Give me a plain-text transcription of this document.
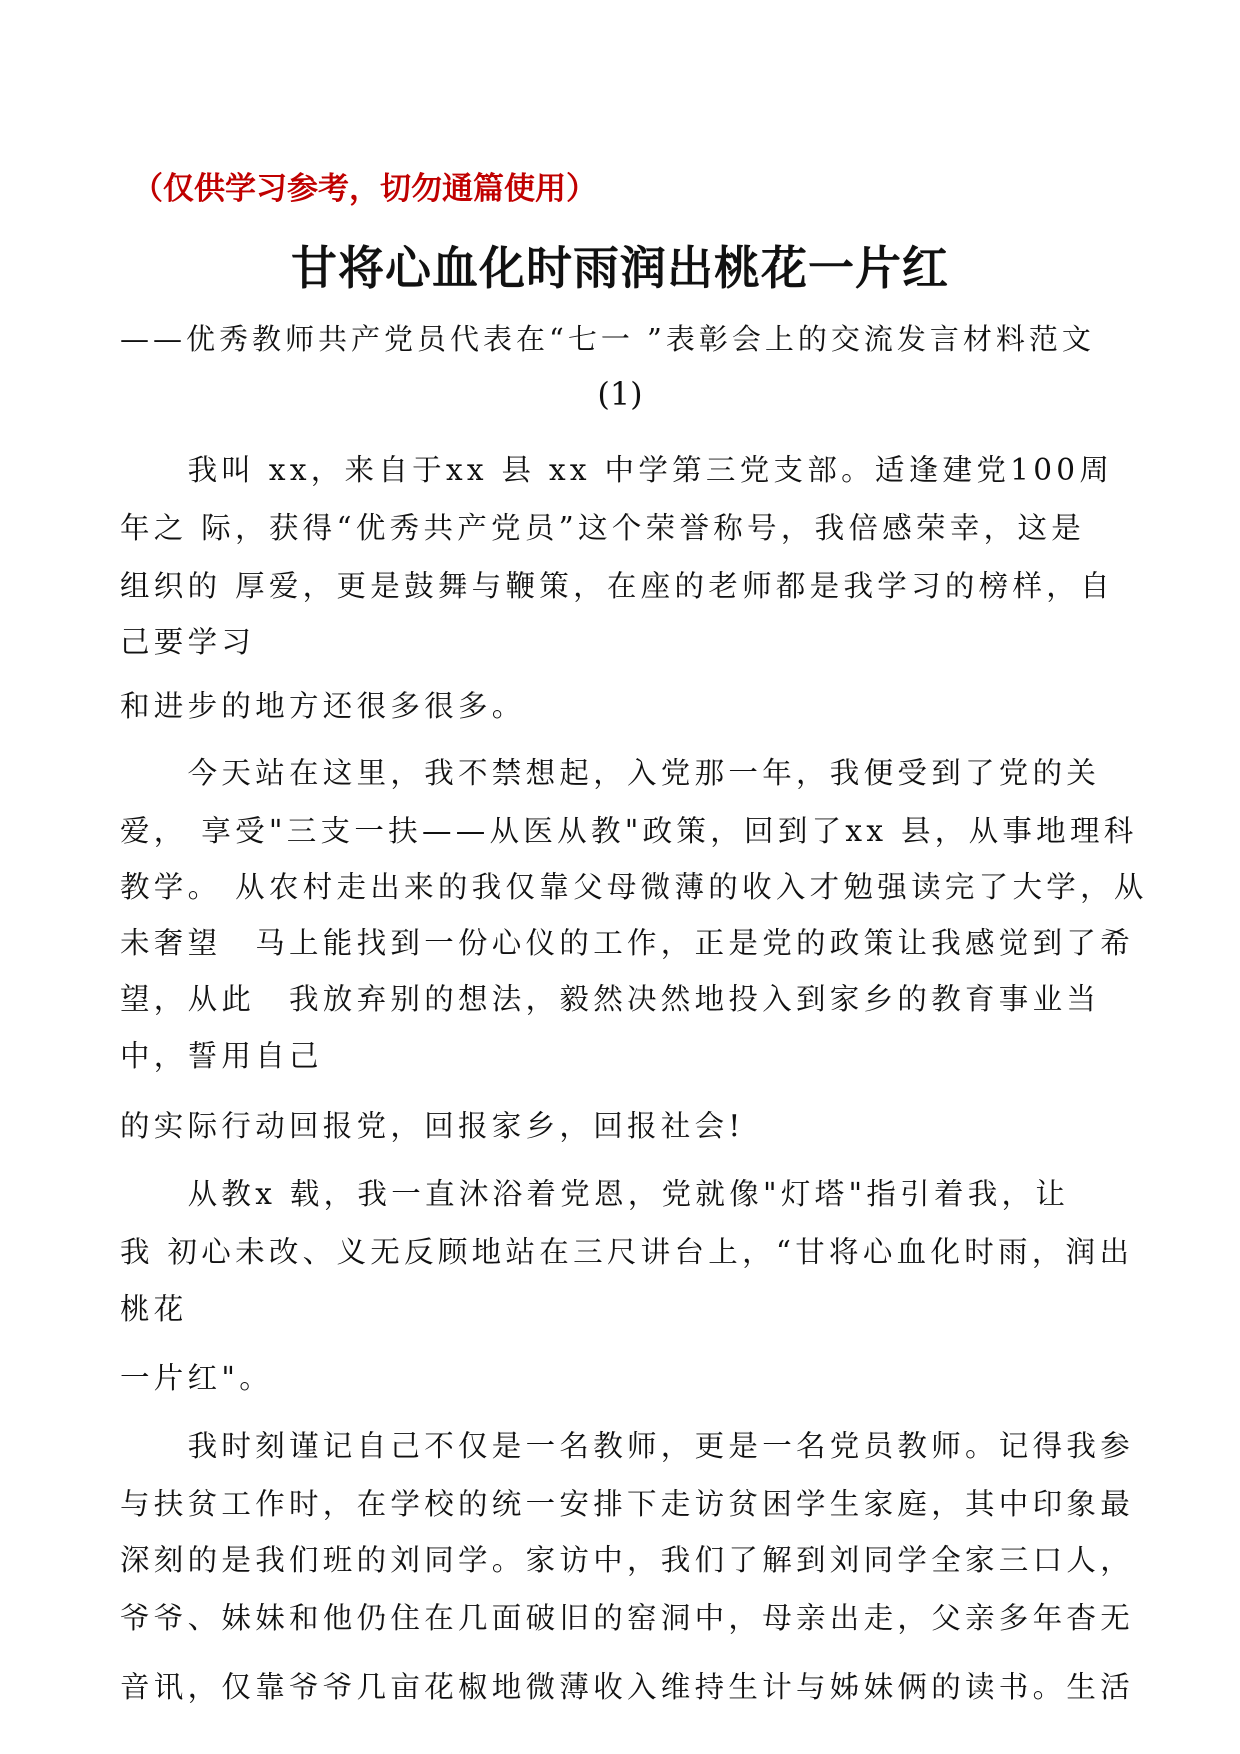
（仅供学习参考，切勿通篇使用）
甘将心血化时雨润出桃花一片红
——优秀教师共产党员代表在“七一 ”表彰会上的交流发言材料范文
(1)
　　我叫 xx，来自于xx 县 xx 中学第三党支部。适逢建党100周
年之 际，获得“优秀共产党员”这个荣誉称号，我倍感荣幸，这是
组织的 厚爱，更是鼓舞与鞭策，在座的老师都是我学习的榜样，自
己要学习
和进步的地方还很多很多。
　　今天站在这里，我不禁想起，入党那一年，我便受到了党的关
爱， 享受"三支一扶——从医从教"政策，回到了xx 县，从事地理科
教学。 从农村走出来的我仅靠父母微薄的收入才勉强读完了大学，从
未奢望　马上能找到一份心仪的工作，正是党的政策让我感觉到了希
望，从此　我放弃别的想法，毅然决然地投入到家乡的教育事业当
中，誓用自己
的实际行动回报党，回报家乡，回报社会!
　　从教x 载，我一直沐浴着党恩，党就像"灯塔"指引着我，让
我 初心未改、义无反顾地站在三尺讲台上，“甘将心血化时雨，润出
桃花
一片红"。
　　我时刻谨记自己不仅是一名教师，更是一名党员教师。记得我参
与扶贫工作时，在学校的统一安排下走访贫困学生家庭，其中印象最
深刻的是我们班的刘同学。家访中，我们了解到刘同学全家三口人，
爷爷、妹妹和他仍住在几面破旧的窑洞中，母亲出走，父亲多年杳无
音讯，仅靠爷爷几亩花椒地微薄收入维持生计与姊妹俩的读书。生活
